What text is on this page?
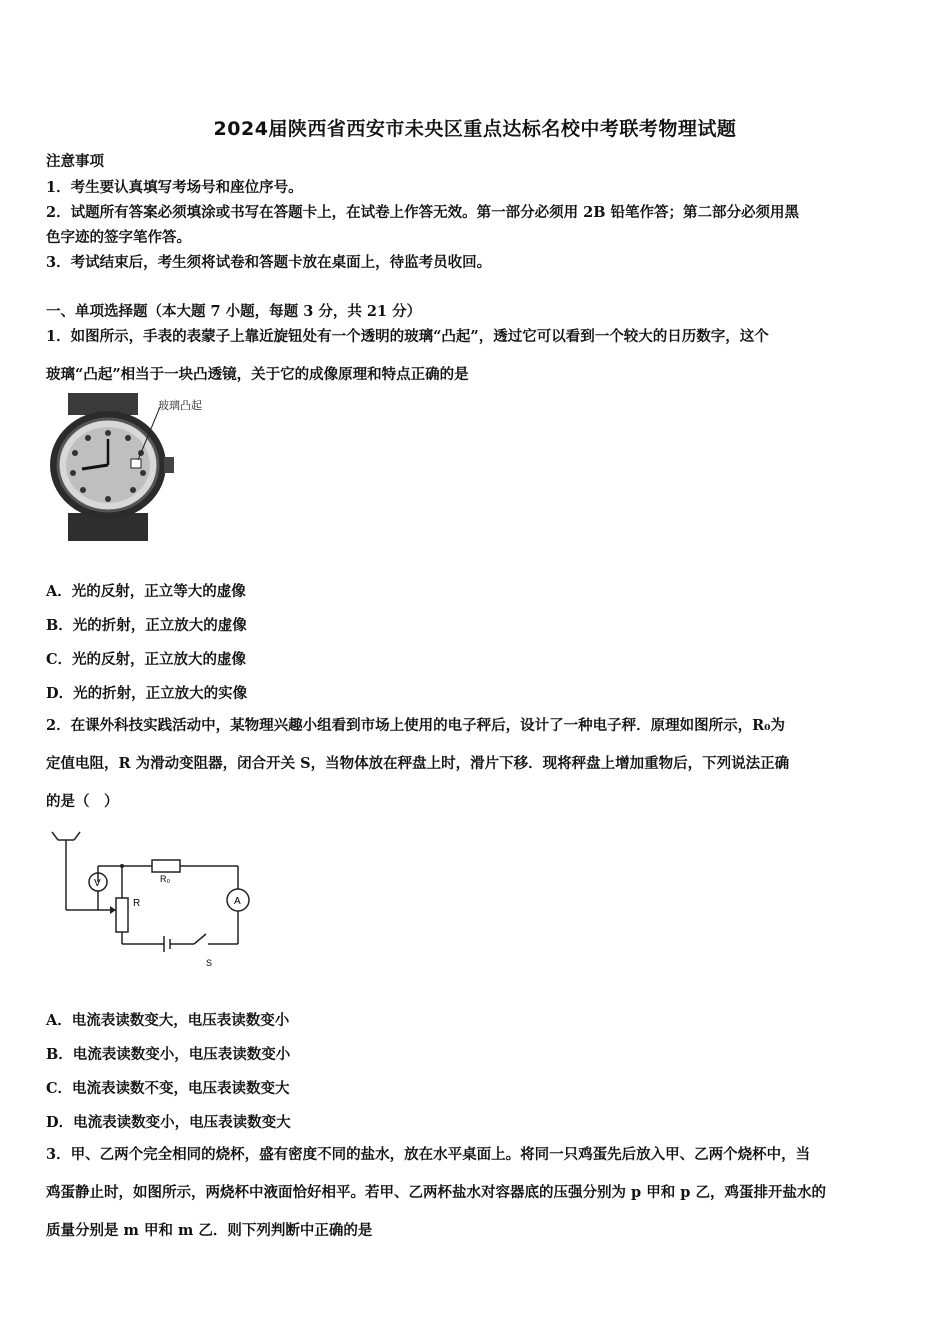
2024届陕西省西安市未央区重点达标名校中考联考物理试题
注意事项
1．考生要认真填写考场号和座位序号。
2．试题所有答案必须填涂或书写在答题卡上，在试卷上作答无效。第一部分必须用 2B 铅笔作答；第二部分必须用黑
色字迹的签字笔作答。
3．考试结束后，考生须将试卷和答题卡放在桌面上，待监考员收回。
一、单项选择题（本大题 7 小题，每题 3 分，共 21 分）
1．如图所示，手表的表蒙子上靠近旋钮处有一个透明的玻璃“凸起”，透过它可以看到一个较大的日历数字，这个
玻璃“凸起”相当于一块凸透镜，关于它的成像原理和特点正确的是
玻璃凸起
A．光的反射，正立等大的虚像
B．光的折射，正立放大的虚像
C．光的反射，正立放大的虚像
D．光的折射，正立放大的实像
2．在课外科技实践活动中，某物理兴趣小组看到市场上使用的电子秤后，设计了一种电子秤．原理如图所示，R₀为
定值电阻，R 为滑动变阻器，闭合开关 S，当物体放在秤盘上时，滑片下移．现将秤盘上增加重物后，下列说法正确
的是（　）
V
A
R₀
R
S
A．电流表读数变大，电压表读数变小
B．电流表读数变小，电压表读数变小
C．电流表读数不变，电压表读数变大
D．电流表读数变小，电压表读数变大
3．甲、乙两个完全相同的烧杯，盛有密度不同的盐水，放在水平桌面上。将同一只鸡蛋先后放入甲、乙两个烧杯中，当
鸡蛋静止时，如图所示，两烧杯中液面恰好相平。若甲、乙两杯盐水对容器底的压强分别为 p 甲和 p 乙，鸡蛋排开盐水的
质量分别是 m 甲和 m 乙．则下列判断中正确的是
